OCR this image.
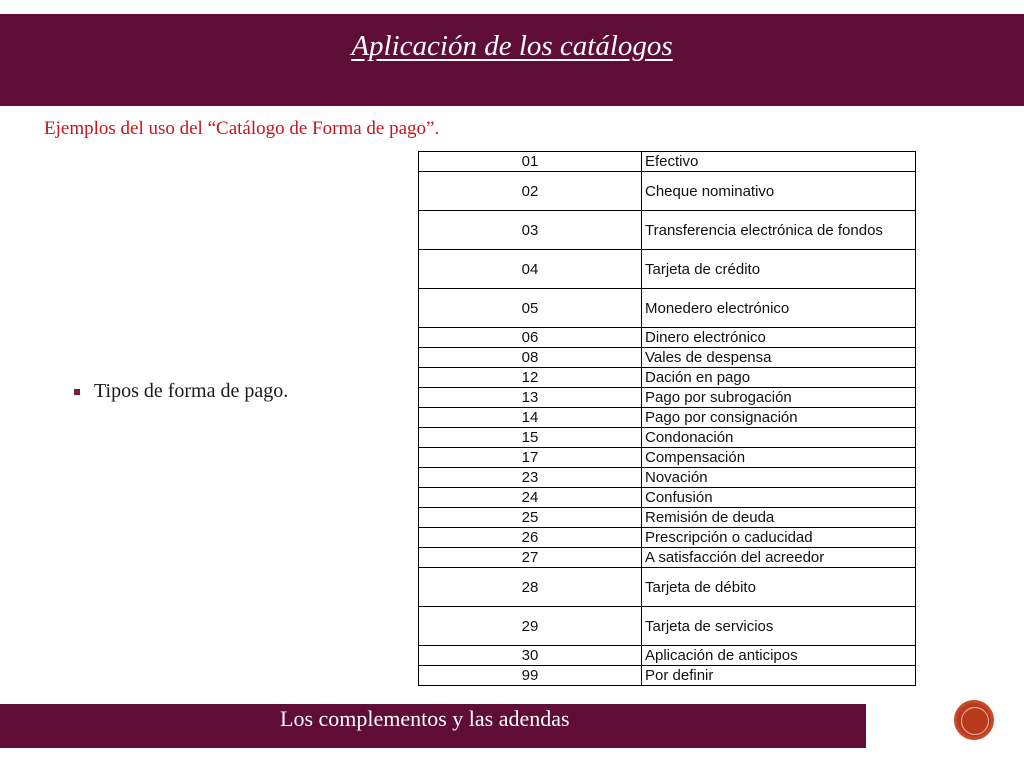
Aplicación de los catálogos
Ejemplos del uso del “Catálogo de Forma de pago”.
Tipos de forma de pago.
01	Efectivo
02	Cheque nominativo
03	Transferencia electrónica de fondos
04	Tarjeta de crédito
05	Monedero electrónico
06	Dinero electrónico
08	Vales de despensa
12	Dación en pago
13	Pago por subrogación
14	Pago por consignación
15	Condonación
17	Compensación
23	Novación
24	Confusión
25	Remisión de deuda
26	Prescripción o caducidad
27	A satisfacción del acreedor
28	Tarjeta de débito
29	Tarjeta de servicios
30	Aplicación de anticipos
99	Por definir
Los complementos y las adendas
